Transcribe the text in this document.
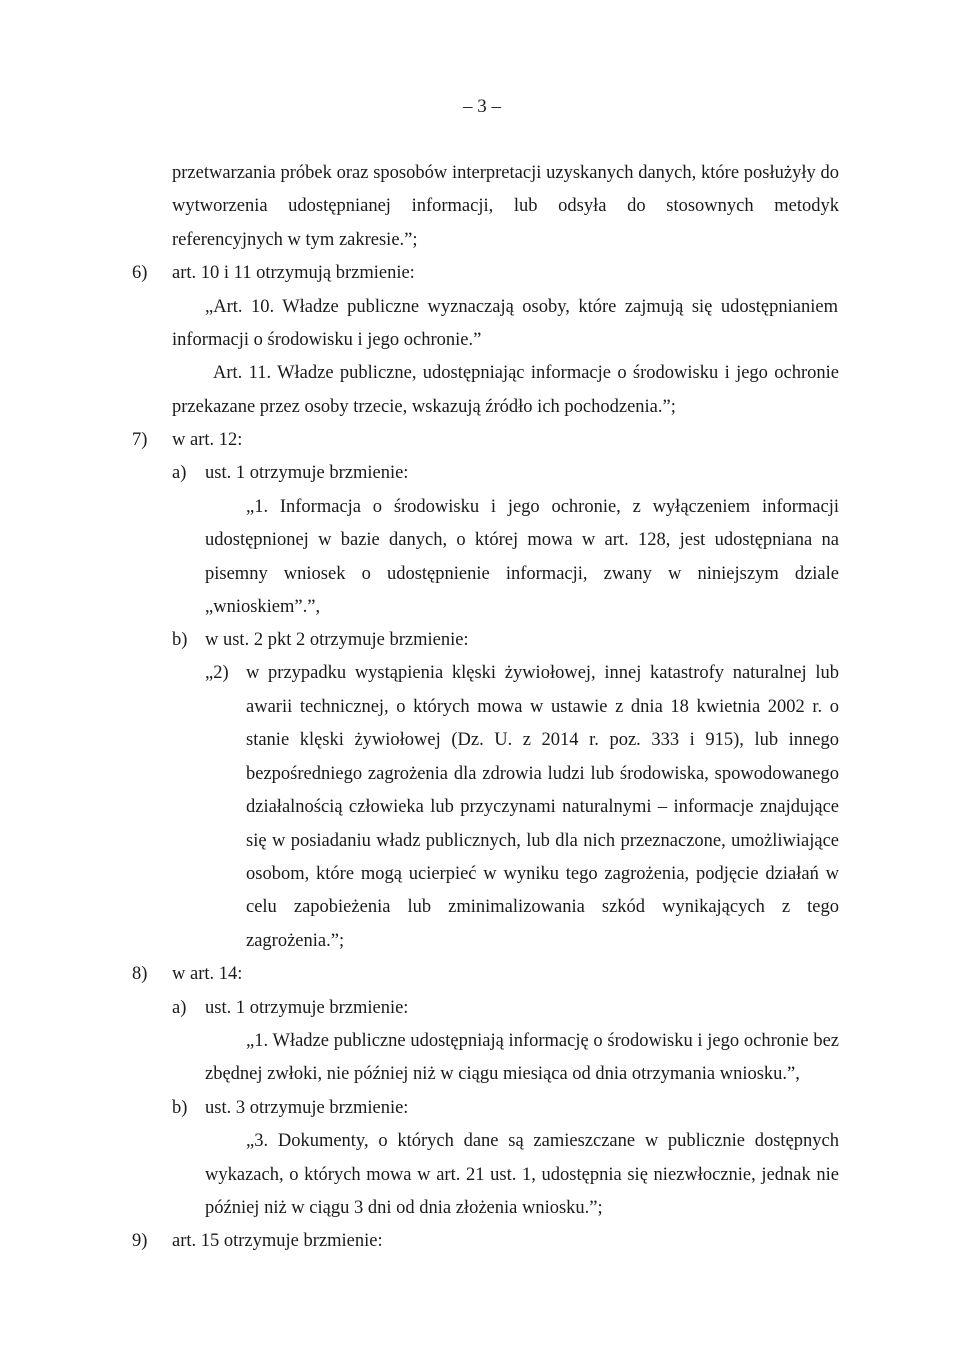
– 3 –
przetwarzania próbek oraz sposobów interpretacji uzyskanych danych, które posłużyły do
wytworzenia udostępnianej informacji, lub odsyła do stosownych metodyk
referencyjnych w tym zakresie.”;
6) art. 10 i 11 otrzymują brzmienie:
„Art. 10. Władze publiczne wyznaczają osoby, które zajmują się udostępnianiem
informacji o środowisku i jego ochronie.”
Art. 11. Władze publiczne, udostępniając informacje o środowisku i jego ochronie
przekazane przez osoby trzecie, wskazują źródło ich pochodzenia.”;
7) w art. 12:
a) ust. 1 otrzymuje brzmienie:
„1. Informacja o środowisku i jego ochronie, z wyłączeniem informacji
udostępnionej w bazie danych, o której mowa w art. 128, jest udostępniana na
pisemny wniosek o udostępnienie informacji, zwany w niniejszym dziale
„wnioskiem”.”,
b) w ust. 2 pkt 2 otrzymuje brzmienie:
„2) w przypadku wystąpienia klęski żywiołowej, innej katastrofy naturalnej lub
awarii technicznej, o których mowa w ustawie z dnia 18 kwietnia 2002 r. o
stanie klęski żywiołowej (Dz. U. z 2014 r. poz. 333 i 915), lub innego
bezpośredniego zagrożenia dla zdrowia ludzi lub środowiska, spowodowanego
działalnością człowieka lub przyczynami naturalnymi – informacje znajdujące
się w posiadaniu władz publicznych, lub dla nich przeznaczone, umożliwiające
osobom, które mogą ucierpieć w wyniku tego zagrożenia, podjęcie działań w
celu zapobieżenia lub zminimalizowania szkód wynikających z tego
zagrożenia.”;
8) w art. 14:
a) ust. 1 otrzymuje brzmienie:
„1. Władze publiczne udostępniają informację o środowisku i jego ochronie bez
zbędnej zwłoki, nie później niż w ciągu miesiąca od dnia otrzymania wniosku.”,
b) ust. 3 otrzymuje brzmienie:
„3. Dokumenty, o których dane są zamieszczane w publicznie dostępnych
wykazach, o których mowa w art. 21 ust. 1, udostępnia się niezwłocznie, jednak nie
później niż w ciągu 3 dni od dnia złożenia wniosku.”;
9) art. 15 otrzymuje brzmienie:
